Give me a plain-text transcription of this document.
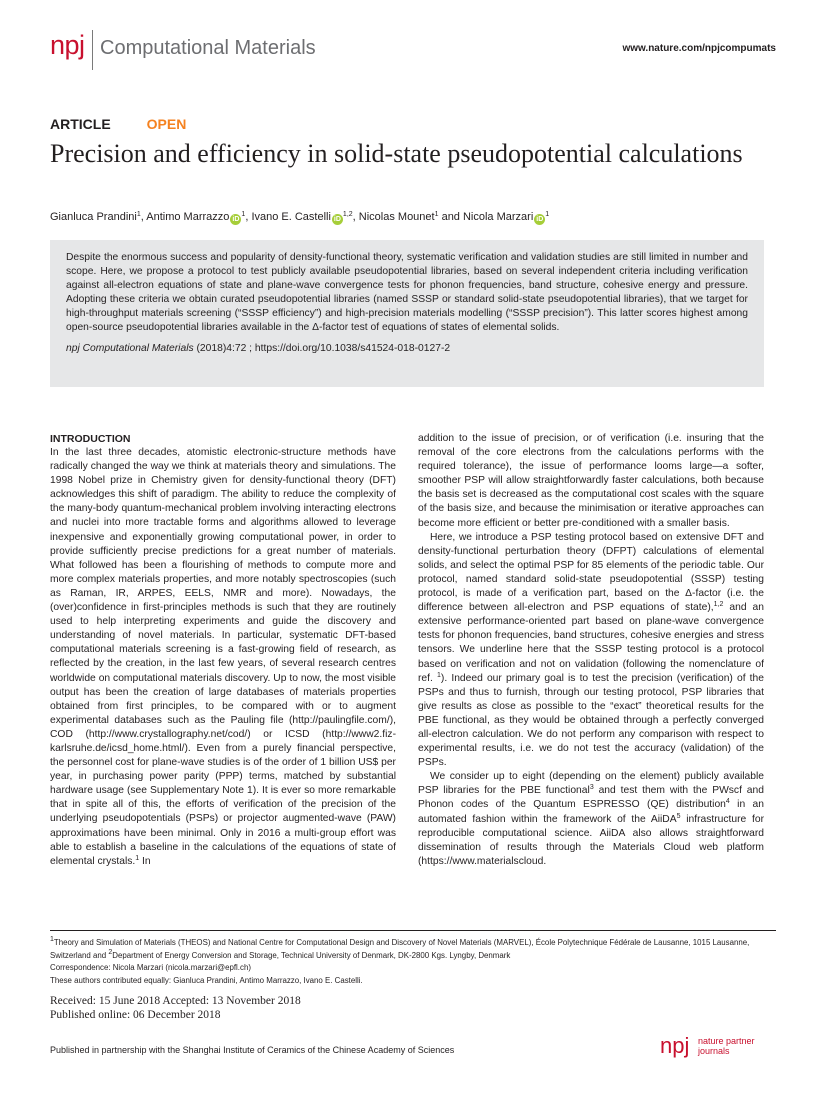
npj Computational Materials	www.nature.com/npjcompumats
ARTICLE	OPEN
Precision and efficiency in solid-state pseudopotential calculations
Gianluca Prandini$^1$, Antimo Marrazzo $iD^1$, Ivano E. Castelli iD$^{1,2}$, Nicolas Mounet$^1$ and Nicola Marzari $iD^1$

Despite the enormous success and popularity of density-functional theory, systematic verification and validation studies are still limited in number and scope. Here, we propose a protocol to test publicly available pseudopotential libraries, based on several independent criteria including verification against all-electron equations of state and plane-wave convergence tests for phonon frequencies, band structure, cohesive energy and pressure. Adopting these criteria we obtain curated pseudopotential libraries (named SSSP or standard solid-state pseudopotential libraries), that we target for high-throughput materials screening (“SSSP efficiency”) and high-precision materials modelling (“SSSP precision”). This latter scores highest among open-source pseudopotential libraries available in the Δ-factor test of equations of states of elemental solids.

npj Computational Materials (2018)4:72 ; https://doi.org/10.1038/s41524-018-0127-2

INTRODUCTION

In the last three decades, atomistic electronic-structure methods have radically changed the way we think at materials theory and simulations. The 1998 Nobel prize in Chemistry given for density-functional theory (DFT) acknowledges this shift of paradigm. The ability to reduce the complexity of the many-body quantum-mechanical problem involving interacting electrons and nuclei into more tractable forms and algorithms allowed to leverage inexpensive and exponentially growing computational power, in order to provide sufficiently precise predictions for a great number of materials. What followed has been a flourishing of methods to compute more and more complex materials properties, and more notably spectroscopies (such as Raman, IR, ARPES, EELS, NMR and more). Nowadays, the (over)confidence in first-principles methods is such that they are routinely used to help interpreting experiments and guide the discovery and understanding of novel materials. In particular, systematic DFT-based computational materials screening is a fast-growing field of research, as reflected by the creation, in the last few years, of several research centres worldwide on computational materials discovery. Up to now, the most visible output has been the creation of large databases of materials properties obtained from first principles, to be compared with or to augment experimental databases such as the Pauling file (http://paulingfile.com/), COD (http://www.crystallography.net/cod/) or ICSD (http://www2.fiz-karlsruhe.de/icsd_home.html/). Even from a purely financial perspective, the personnel cost for plane-wave studies is of the order of 1 billion US$ per year, in purchasing power parity (PPP) terms, matched by substantial hardware usage (see Supplementary Note 1). It is ever so more remarkable that in spite all of this, the efforts of verification of the precision of the underlying pseudopotentials (PSPs) or projector augmented-wave (PAW) approximations have been minimal. Only in 2016 a multi-group effort was able to establish a baseline in the calculations of the equations of state of elemental crystals.$^1$ In

addition to the issue of precision, or of verification (i.e. insuring that the removal of the core electrons from the calculations performs with the required tolerance), the issue of performance looms large—a softer, smoother PSP will allow straightforwardly faster calculations, both because the basis set is decreased as the computational cost scales with the square of the basis size, and because the minimisation or iterative approaches can become more efficient or better pre-conditioned with a smaller basis.

Here, we introduce a PSP testing protocol based on extensive DFT and density-functional perturbation theory (DFPT) calculations of elemental solids, and select the optimal PSP for 85 elements of the periodic table. Our protocol, named standard solid-state pseudopotential (SSSP) testing protocol, is made of a verification part, based on the Δ-factor (i.e. the difference between all-electron and PSP equations of state),$^{1,2}$ and an extensive performance-oriented part based on plane-wave convergence tests for phonon frequencies, band structures, cohesive energies and stress tensors. We underline here that the SSSP testing protocol is a protocol based on verification and not on validation (following the nomenclature of ref. $^1$). Indeed our primary goal is to test the precision (verification) of the PSPs and thus to furnish, through our testing protocol, PSP libraries that give results as close as possible to the “exact” theoretical results for the PBE functional, as they would be obtained through a perfectly converged all-electron calculation. We do not perform any comparison with respect to experimental results, i.e. we do not test the accuracy (validation) of the PSPs.

We consider up to eight (depending on the element) publicly available PSP libraries for the PBE functional$^3$ and test them with the PWscf and Phonon codes of the Quantum ESPRESSO (QE) distribution$^4$ in an automated fashion within the framework of the AiiDA$^5$ infrastructure for reproducible computational science. AiiDA also allows straightforward dissemination of results through the Materials Cloud web platform (https://www.materialscloud.

$^1$Theory and Simulation of Materials (THEOS) and National Centre for Computational Design and Discovery of Novel Materials (MARVEL), École Polytechnique Fédérale de Lausanne, 1015 Lausanne, Switzerland and $^2$Department of Energy Conversion and Storage, Technical University of Denmark, DK-2800 Kgs. Lyngby, Denmark
Correspondence: Nicola Marzari (nicola.marzari@epfl.ch)
These authors contributed equally: Gianluca Prandini, Antimo Marrazzo, Ivano E. Castelli.
Received: 15 June 2018 Accepted: 13 November 2018
Published online: 06 December 2018
Published in partnership with the Shanghai Institute of Ceramics of the Chinese Academy of Sciences	npj nature partner
journals
